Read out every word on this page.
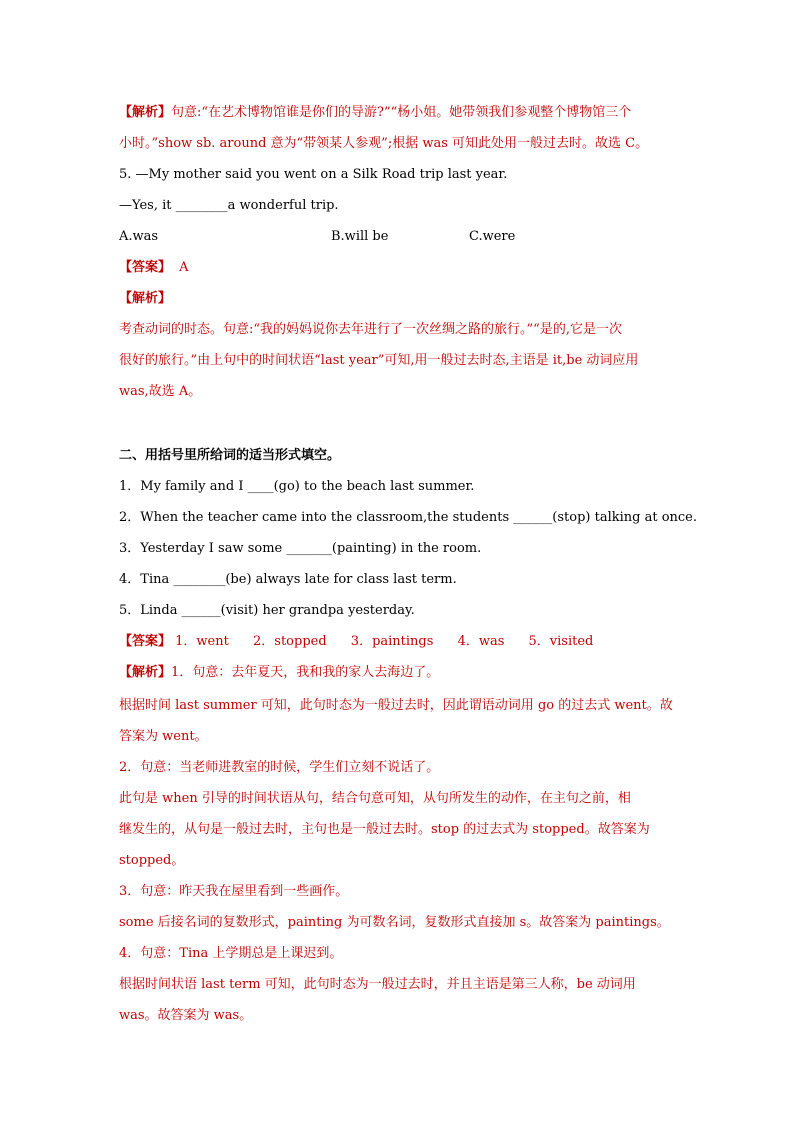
【解析】句意:“在艺术博物馆谁是你们的导游?”“杨小姐。她带领我们参观整个博物馆三个
小时。”show sb. around 意为“带领某人参观”;根据 was 可知此处用一般过去时。故选 C。
5. —My mother said you went on a Silk Road trip last year.
—Yes, it ________a wonderful trip.
A.was	B.will be	C.were
【答案】 A
【解析】
考查动词的时态。句意:“我的妈妈说你去年进行了一次丝绸之路的旅行。”“是的,它是一次
很好的旅行。”由上句中的时间状语“last year”可知,用一般过去时态,主语是 it,be 动词应用
was,故选 A。
二、用括号里所给词的适当形式填空。
1．My family and I ____(go) to the beach last summer.
2．When the teacher came into the classroom,the students ______(stop) talking at once.
3．Yesterday I saw some _______(painting) in the room.
4．Tina ________(be) always late for class last term.
5．Linda ______(visit) her grandpa yesterday.
【答案】 1．went 2．stopped 3．paintings 4．was 5．visited
【解析】1．句意：去年夏天，我和我的家人去海边了。
根据时间 last summer 可知，此句时态为一般过去时，因此谓语动词用 go 的过去式 went。故
答案为 went。
2．句意：当老师进教室的时候，学生们立刻不说话了。
此句是 when 引导的时间状语从句，结合句意可知，从句所发生的动作，在主句之前，相
继发生的，从句是一般过去时，主句也是一般过去时。stop 的过去式为 stopped。故答案为
stopped。
3．句意：昨天我在屋里看到一些画作。
some 后接名词的复数形式，painting 为可数名词，复数形式直接加 s。故答案为 paintings。
4．句意：Tina 上学期总是上课迟到。
根据时间状语 last term 可知，此句时态为一般过去时，并且主语是第三人称，be 动词用
was。故答案为 was。
